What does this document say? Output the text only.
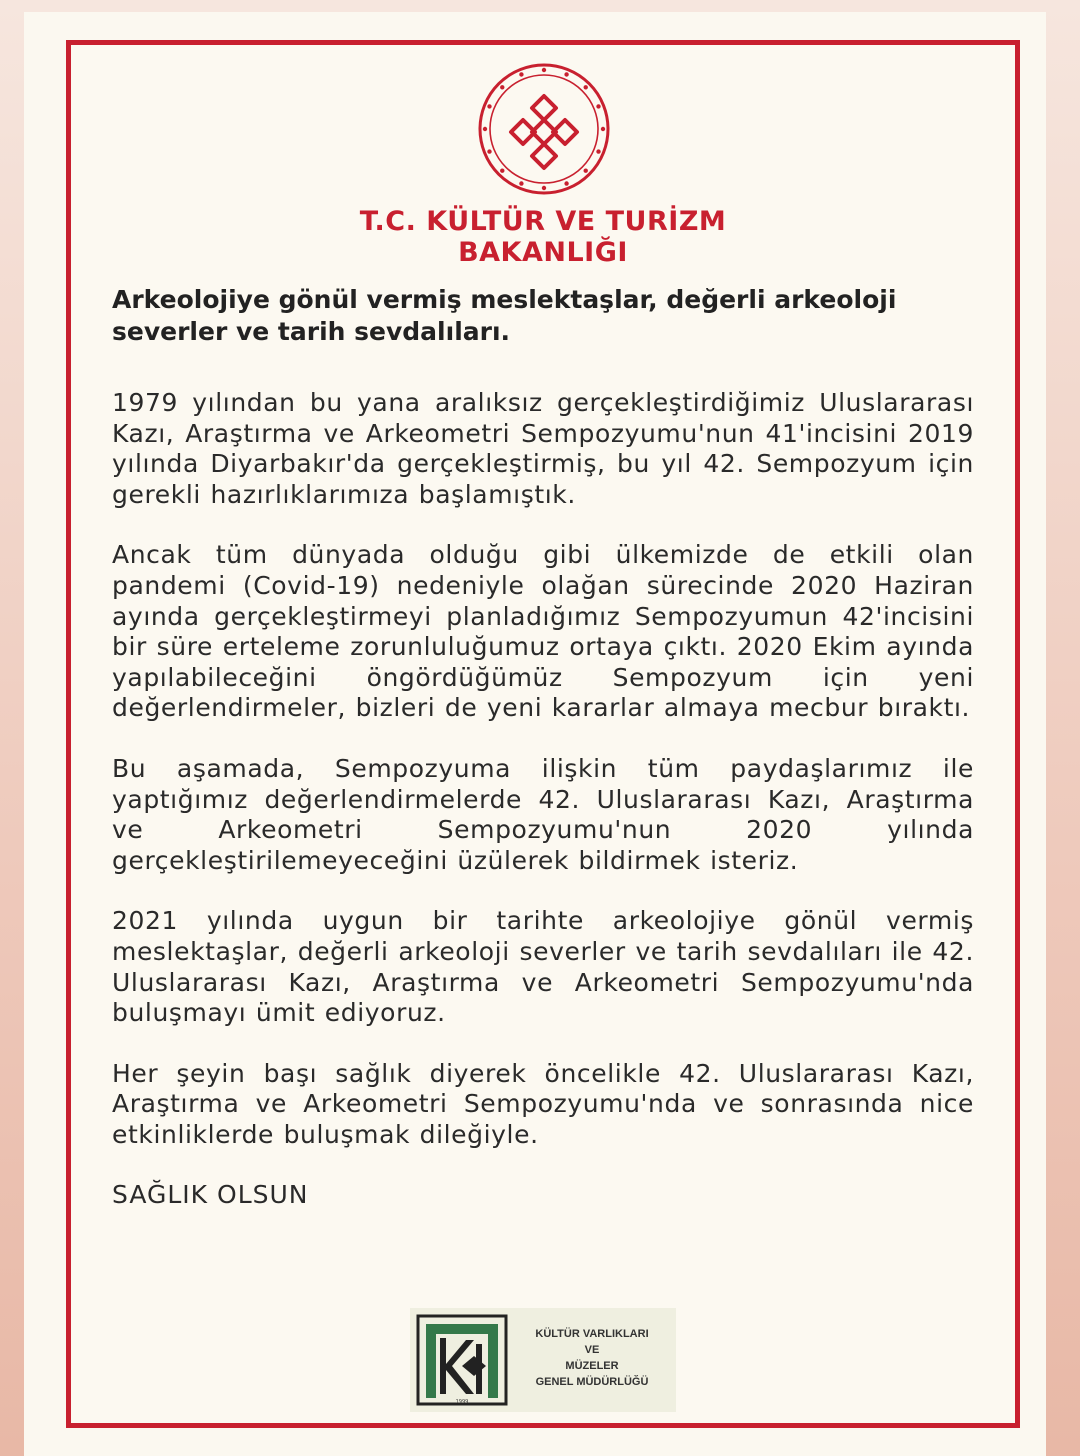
T.C. KÜLTÜR VE TURİZM
BAKANLIĞI

Arkeolojiye gönül vermiş meslektaşlar, değerli arkeoloji severler ve tarih sevdalıları.

1979 yılından bu yana aralıksız gerçekleştirdiğimiz Uluslararası Kazı, Araştırma ve Arkeometri Sempozyumu'nun 41'incisini 2019 yılında Diyarbakır'da gerçekleştirmiş, bu yıl 42. Sempozyum için gerekli hazırlıklarımıza başlamıştık.

Ancak tüm dünyada olduğu gibi ülkemizde de etkili olan pandemi (Covid-19) nedeniyle olağan sürecinde 2020 Haziran ayında gerçekleştirmeyi planladığımız Sempozyumun 42'incisini bir süre erteleme zorunluluğumuz ortaya çıktı. 2020 Ekim ayında yapılabileceğini öngördüğümüz Sempozyum için yeni değerlendirmeler, bizleri de yeni kararlar almaya mecbur bıraktı.

Bu aşamada, Sempozyuma ilişkin tüm paydaşlarımız ile yaptığımız değerlendirmelerde 42. Uluslararası Kazı, Araştırma ve Arkeometri Sempozyumu'nun 2020 yılında gerçekleştirilemeyeceğini üzülerek bildirmek isteriz.

2021 yılında uygun bir tarihte arkeolojiye gönül vermiş meslektaşlar, değerli arkeoloji severler ve tarih sevdalıları ile 42. Uluslararası Kazı, Araştırma ve Arkeometri Sempozyumu'nda buluşmayı ümit ediyoruz.

Her şeyin başı sağlık diyerek öncelikle 42. Uluslararası Kazı, Araştırma ve Arkeometri Sempozyumu'nda ve sonrasında nice etkinliklerde buluşmak dileğiyle.

SAĞLIK OLSUN

1999
KÜLTÜR VARLIKLARI
VE
MÜZELER
GENEL MÜDÜRLÜĞÜ
